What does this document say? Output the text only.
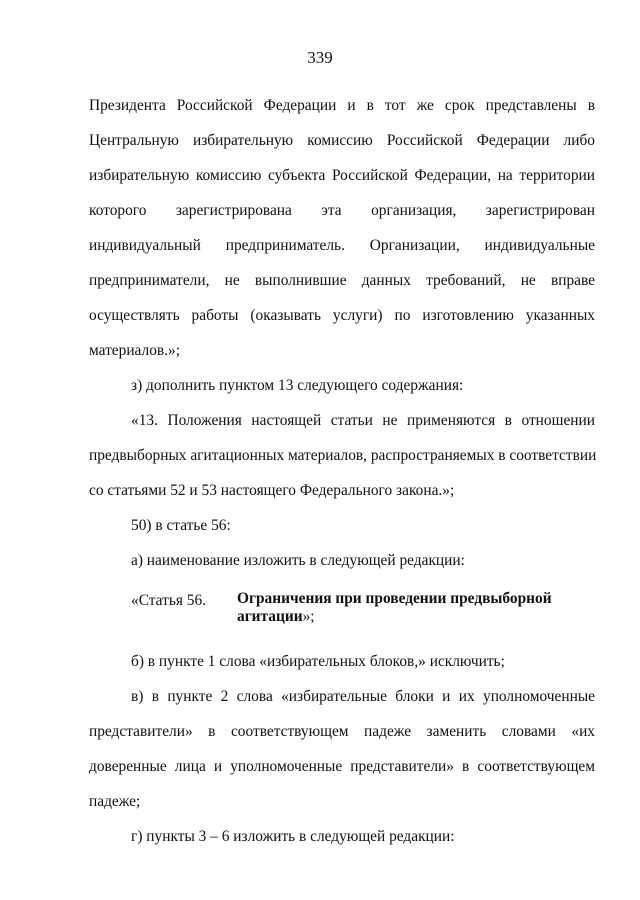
339
Президента Российской Федерации и в тот же срок представлены в
Центральную избирательную комиссию Российской Федерации либо
избирательную комиссию субъекта Российской Федерации, на территории
которого зарегистрирована эта организация, зарегистрирован
индивидуальный предприниматель. Организации, индивидуальные
предприниматели, не выполнившие данных требований, не вправе
осуществлять работы (оказывать услуги) по изготовлению указанных
материалов.»;
з) дополнить пунктом 13 следующего содержания:
«13. Положения настоящей статьи не применяются в отношении
предвыборных агитационных материалов, распространяемых в соответствии
со статьями 52 и 53 настоящего Федерального закона.»;
50) в статье 56:
а) наименование изложить в следующей редакции:
«Статья 56. Ограничения при проведении предвыборной
агитации»;
б) в пункте 1 слова «избирательных блоков,» исключить;
в) в пункте 2 слова «избирательные блоки и их уполномоченные
представители» в соответствующем падеже заменить словами «их
доверенные лица и уполномоченные представители» в соответствующем
падеже;
г) пункты 3 – 6 изложить в следующей редакции:
